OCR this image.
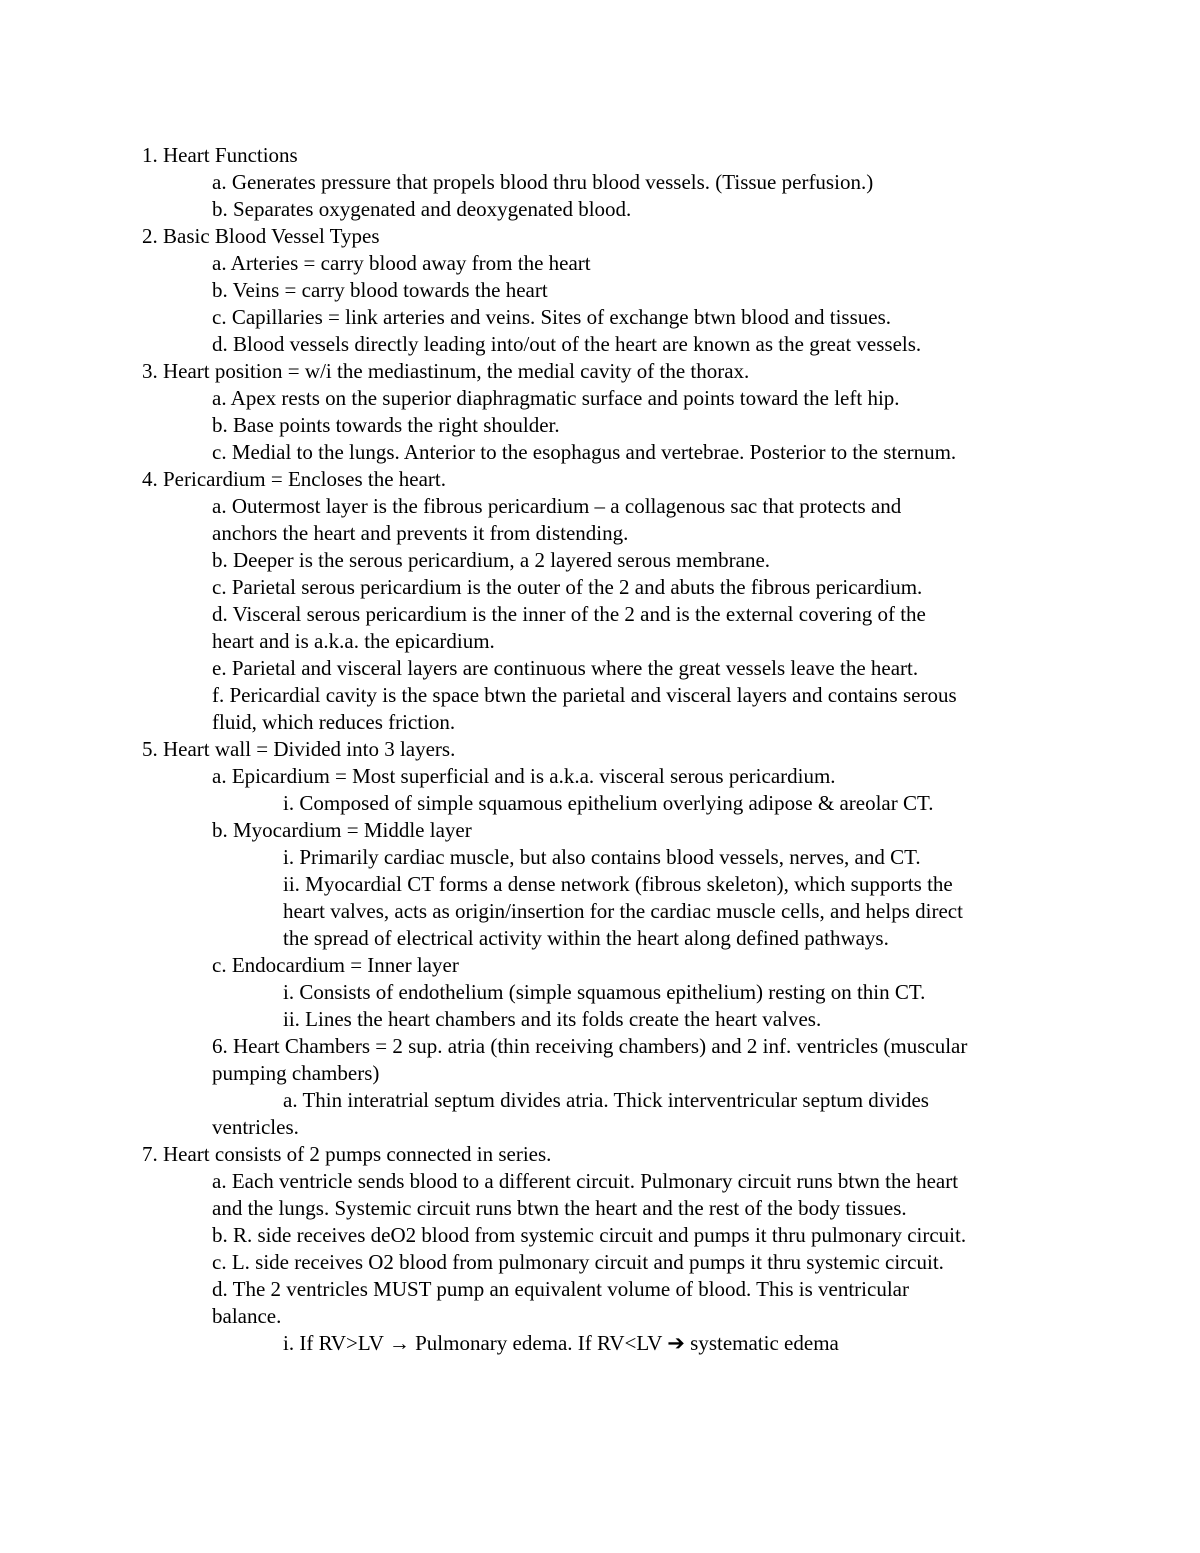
1. Heart Functions
a. Generates pressure that propels blood thru blood vessels. (Tissue perfusion.)
b. Separates oxygenated and deoxygenated blood.
2. Basic Blood Vessel Types
a. Arteries = carry blood away from the heart
b. Veins = carry blood towards the heart
c. Capillaries = link arteries and veins. Sites of exchange btwn blood and tissues.
d. Blood vessels directly leading into/out of the heart are known as the great vessels.
3. Heart position = w/i the mediastinum, the medial cavity of the thorax.
a. Apex rests on the superior diaphragmatic surface and points toward the left hip.
b. Base points towards the right shoulder.
c. Medial to the lungs. Anterior to the esophagus and vertebrae. Posterior to the sternum.
4. Pericardium = Encloses the heart.
a. Outermost layer is the fibrous pericardium – a collagenous sac that protects and
anchors the heart and prevents it from distending.
b. Deeper is the serous pericardium, a 2 layered serous membrane.
c. Parietal serous pericardium is the outer of the 2 and abuts the fibrous pericardium.
d. Visceral serous pericardium is the inner of the 2 and is the external covering of the
heart and is a.k.a. the epicardium.
e. Parietal and visceral layers are continuous where the great vessels leave the heart.
f. Pericardial cavity is the space btwn the parietal and visceral layers and contains serous
fluid, which reduces friction.
5. Heart wall = Divided into 3 layers.
a. Epicardium = Most superficial and is a.k.a. visceral serous pericardium.
i. Composed of simple squamous epithelium overlying adipose & areolar CT.
b. Myocardium = Middle layer
i. Primarily cardiac muscle, but also contains blood vessels, nerves, and CT.
ii. Myocardial CT forms a dense network (fibrous skeleton), which supports the
heart valves, acts as origin/insertion for the cardiac muscle cells, and helps direct
the spread of electrical activity within the heart along defined pathways.
c. Endocardium = Inner layer
i. Consists of endothelium (simple squamous epithelium) resting on thin CT.
ii. Lines the heart chambers and its folds create the heart valves.
6. Heart Chambers = 2 sup. atria (thin receiving chambers) and 2 inf. ventricles (muscular
pumping chambers)
a. Thin interatrial septum divides atria. Thick interventricular septum divides
ventricles.
7. Heart consists of 2 pumps connected in series.
a. Each ventricle sends blood to a different circuit. Pulmonary circuit runs btwn the heart
and the lungs. Systemic circuit runs btwn the heart and the rest of the body tissues.
b. R. side receives deO2 blood from systemic circuit and pumps it thru pulmonary circuit.
c. L. side receives O2 blood from pulmonary circuit and pumps it thru systemic circuit.
d. The 2 ventricles MUST pump an equivalent volume of blood. This is ventricular
balance.
i. If RV>LV → Pulmonary edema. If RV<LV ➔ systematic edema
